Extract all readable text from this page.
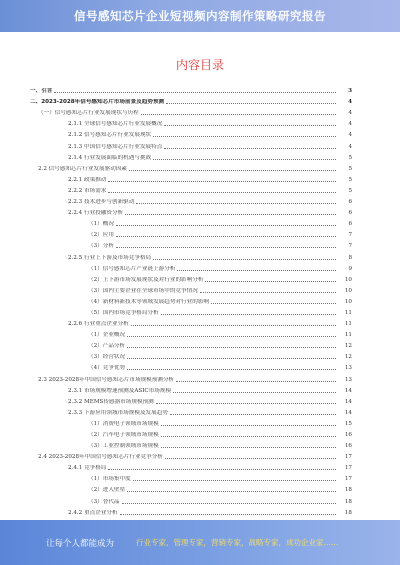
信号感知芯片企业短视频内容制作策略研究报告
内容目录
一、引言	3
二、2023-2028年信号感知芯片市场前景及趋势预测	4
（一）信号感知芯片行业发展现状与历程	4
2.1.1 全球信号感知芯片行业发展概况	4
2.1.2 信号感知芯片行业发展现状	4
2.1.3 中国信号感知芯片行业发展特点	4
2.1.4 行业发展面临的机遇与挑战	5
2.2 信号感知芯片行业发展驱动因素	5
2.2.1 政策推动	5
2.2.2 市场需求	5
2.2.3 技术进步与创新驱动	6
2.2.4 行业投融资分析	6
（1）概况	6
（2）应用	7
（3）分析	7
2.2.5 行业上下游及市场竞争格局	8
（1）信号感知芯片产业链上游分析	9
（2）上下游市场发展现状及对行业的影响分析	10
（3）国内主要企业在全球市场中的竞争情况	10
（4）新材料新技术等领域发展趋势对行业的影响	10
（5）国内市场竞争格局分析	11
2.2.6 行业重点企业分析	11
（1）企业概况	11
（2）产品分析	12
（3）经营状况	12
（4）竞争优势	13
2.3 2023-2028年中国信号感知芯片市场规模预测分析	13
2.3.1 市场规模增速预测及ASIC市场规模	14
2.3.2 MEMS传感器市场规模预测	14
2.3.3 下游应用领域市场规模及发展趋势	14
（1）消费电子领域市场规模	15
（2）汽车电子领域市场规模	16
（3）工业控制领域市场规模	16
2.4 2023-2028年中国信号感知芯片行业竞争分析	17
2.4.1 竞争格局	17
（1）市场集中度	17
（2）进入壁垒	18
（3）替代品	18
2.4.2 重点企业分析	18
让每个人都能成为	行业专家，管理专家，营销专家，战略专家，成功企业家……
